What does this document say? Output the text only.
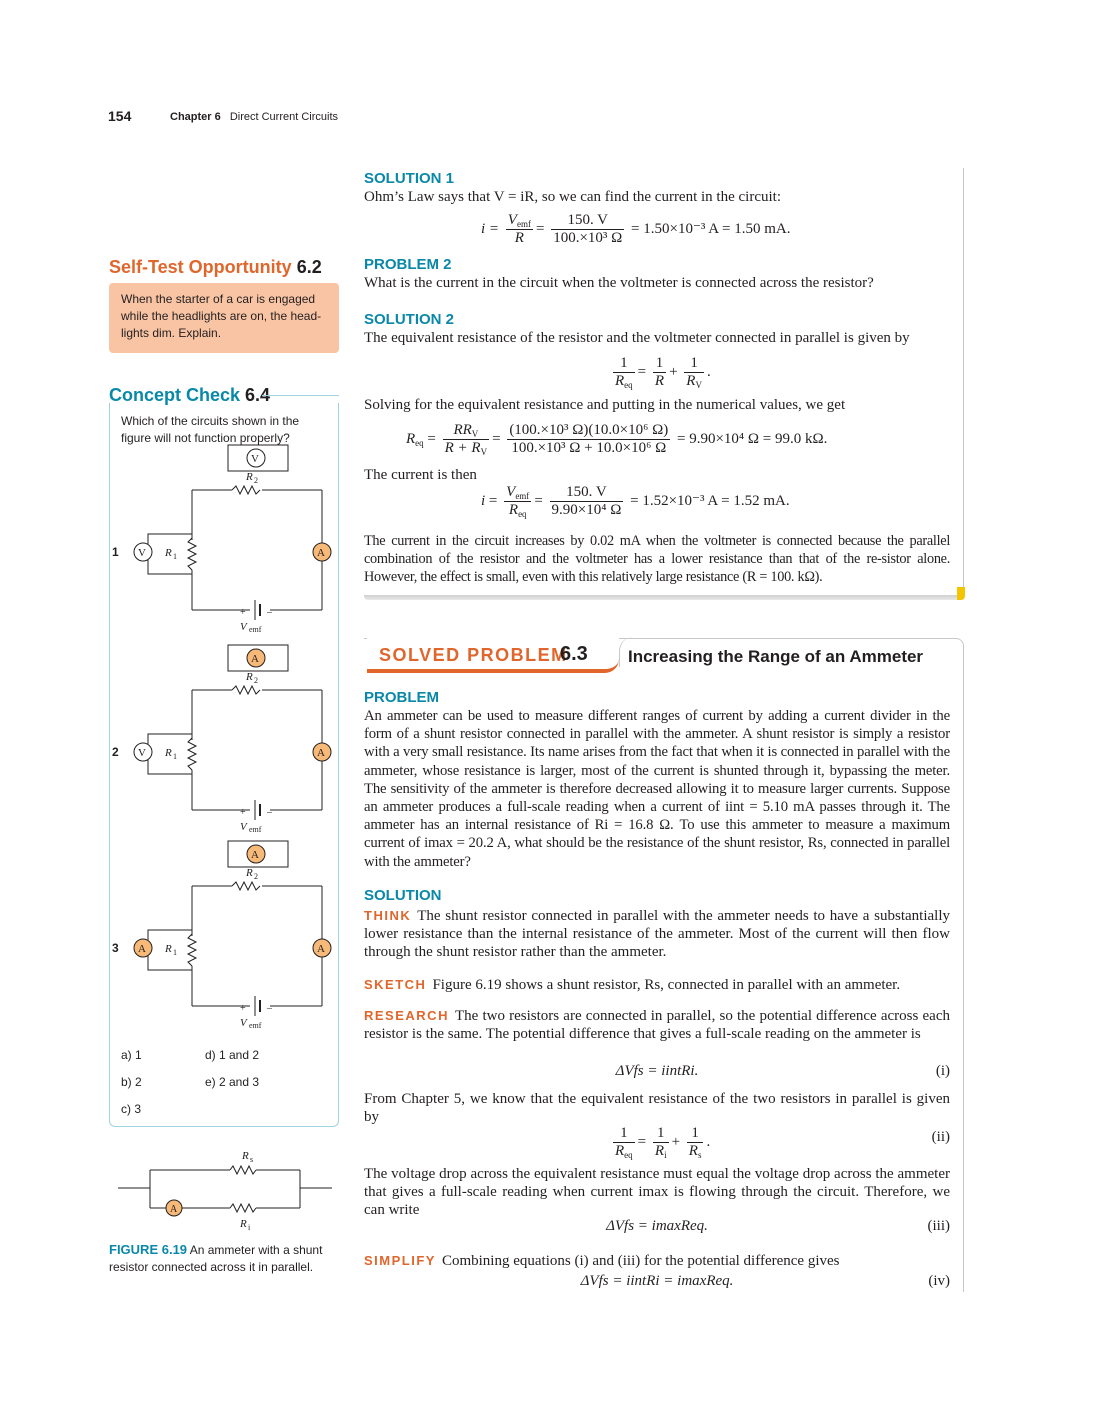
154	Chapter 6 Direct Current Circuits
Self-Test Opportunity 6.2
When the starter of a car is engaged while the headlights are on, the head-lights dim. Explain.
Concept Check 6.4
Which of the circuits shown in the figure will not function properly?
1
V
R 2
R 1
V	A
+ –
V emf
2
A
R 2
R 1
V	A
+ –
V emf
3
A
R 2
R 1
A	A
+ –
V emf
a) 1
b) 2
c) 3
d) 1 and 2
e) 2 and 3
R s
A
R i
FIGURE 6.19 An ammeter with a shunt resistor connected across it in parallel.
SOLUTION 1
Ohm’s Law says that V = iR, so we can find the current in the circuit:
$i = \frac{V_{emf}}{R} = \frac{150. V}{\text{100.×10³ Ω}} = 1.50\times 10^{-3}$ A = 1.50 mA.
PROBLEM 2
What is the current in the circuit when the voltmeter is connected across the resistor?
SOLUTION 2
The equivalent resistance of the resistor and the voltmeter connected in parallel is given by
$\frac{1}{R_{eq}} = \frac{1}{R} + \frac{1}{R_V}$ .
Solving for the equivalent resistance and putting in the numerical values, we get
$R_{eq} = \frac{RR_V}{R + R_V} = \frac{\text{(100.×10³ Ω)(10.0×10⁶ Ω)}}{\text{100.×10³ Ω + 10.0×10⁶ Ω}} = 9.90\times 10^4$ Ω = 99.0 kΩ.
The current is then
$i = \frac{V_{emf}}{R_{eq}} = \frac{150. V}{\text{9.90×10⁴ Ω}} = 1.52\times 10^{-3}$ A = 1.52 mA.
The current in the circuit increases by 0.02 mA when the voltmeter is connected because the parallel combination of the resistor and the voltmeter has a lower resistance than that of the re-sistor alone. However, the effect is small, even with this relatively large resistance (R = 100. kΩ).
SOLVED PROBLEM
6.3 Increasing the Range of an Ammeter
PROBLEM
An ammeter can be used to measure different ranges of current by adding a current divider in the form of a shunt resistor connected in parallel with the ammeter. A shunt resistor is simply a resistor with a very small resistance. Its name arises from the fact that when it is connected in parallel with the ammeter, whose resistance is larger, most of the current is shunted through it, bypassing the meter. The sensitivity of the ammeter is therefore decreased allowing it to measure larger currents. Suppose an ammeter produces a full-scale reading when a current of iint = 5.10 mA passes through it. The ammeter has an internal resistance of Ri = 16.8 Ω. To use this ammeter to measure a maximum current of imax = 20.2 A, what should be the resistance of the shunt resistor, Rs, connected in parallel with the ammeter?
SOLUTION
THINK The shunt resistor connected in parallel with the ammeter needs to have a substantially lower resistance than the internal resistance of the ammeter. Most of the current will then flow through the shunt resistor rather than the ammeter.
SKETCH Figure 6.19 shows a shunt resistor, Rs, connected in parallel with an ammeter.
RESEARCH The two resistors are connected in parallel, so the potential difference across each resistor is the same. The potential difference that gives a full-scale reading on the ammeter is
ΔVfs = iintRi.	(i)
From Chapter 5, we know that the equivalent resistance of the two resistors in parallel is given by
$\frac{1}{R_{eq}} = \frac{1}{R_i} + \frac{1}{R_s}$ .	(ii)
The voltage drop across the equivalent resistance must equal the voltage drop across the ammeter that gives a full-scale reading when current imax is flowing through the circuit. Therefore, we can write
ΔVfs = imaxReq.	(iii)
SIMPLIFY Combining equations (i) and (iii) for the potential difference gives
ΔVfs = iintRi = imaxReq.	(iv)
